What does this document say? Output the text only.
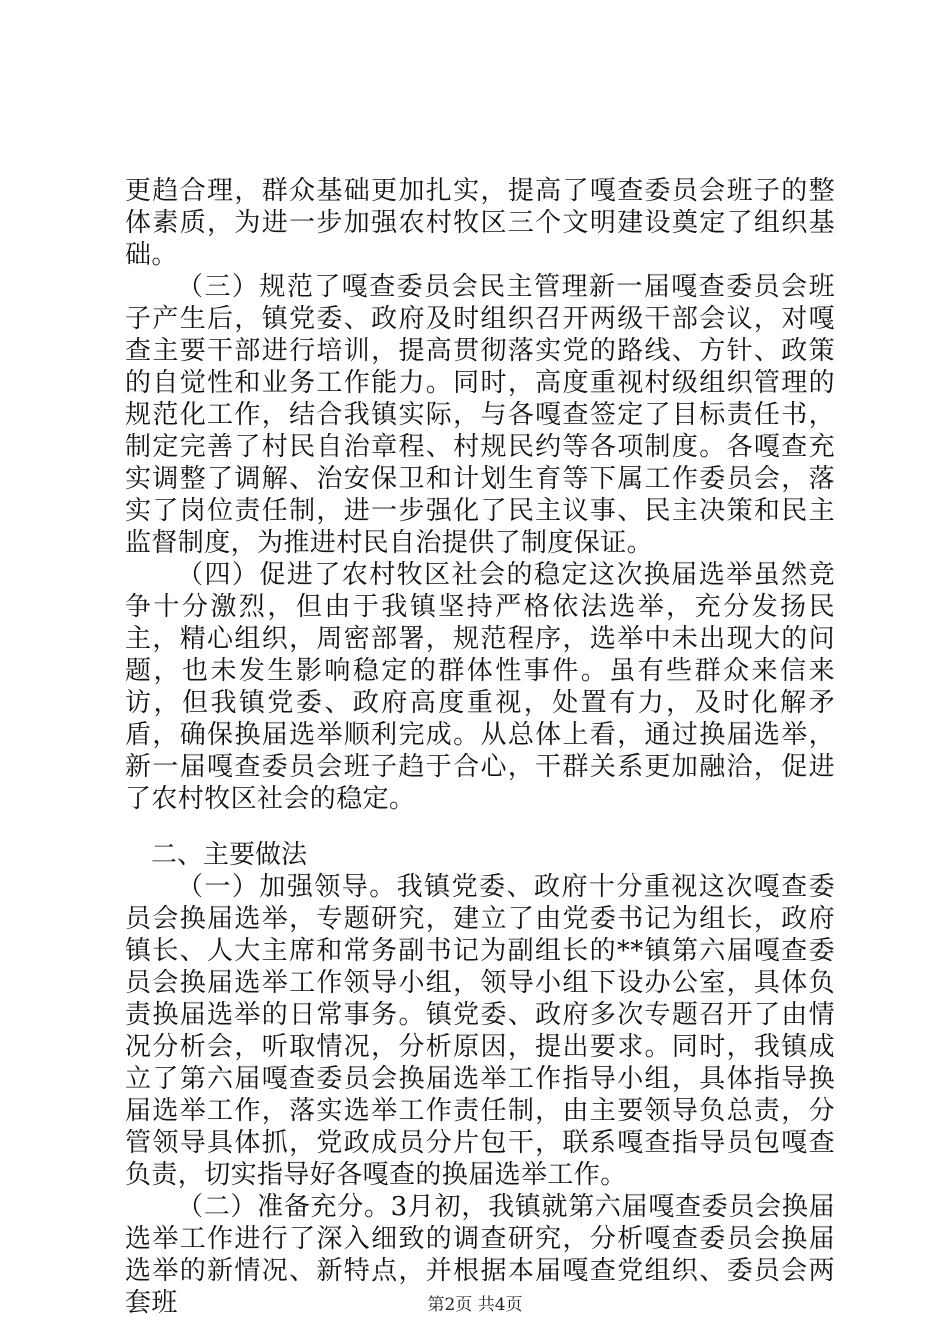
更趋合理，群众基础更加扎实，提高了嘎查委员会班子的整体素质，为进一步加强农村牧区三个文明建设奠定了组织基础。

（三）规范了嘎查委员会民主管理新一届嘎查委员会班子产生后，镇党委、政府及时组织召开两级干部会议，对嘎查主要干部进行培训，提高贯彻落实党的路线、方针、政策的自觉性和业务工作能力。同时，高度重视村级组织管理的规范化工作，结合我镇实际，与各嘎查签定了目标责任书，制定完善了村民自治章程、村规民约等各项制度。各嘎查充实调整了调解、治安保卫和计划生育等下属工作委员会，落实了岗位责任制，进一步强化了民主议事、民主决策和民主监督制度，为推进村民自治提供了制度保证。

（四）促进了农村牧区社会的稳定这次换届选举虽然竞争十分激烈，但由于我镇坚持严格依法选举，充分发扬民主，精心组织，周密部署，规范程序，选举中未出现大的问题，也未发生影响稳定的群体性事件。虽有些群众来信来访，但我镇党委、政府高度重视，处置有力，及时化解矛盾，确保换届选举顺利完成。从总体上看，通过换届选举，新一届嘎查委员会班子趋于合心，干群关系更加融洽，促进了农村牧区社会的稳定。

二、主要做法

（一）加强领导。我镇党委、政府十分重视这次嘎查委员会换届选举，专题研究，建立了由党委书记为组长，政府镇长、人大主席和常务副书记为副组长的**镇第六届嘎查委员会换届选举工作领导小组，领导小组下设办公室，具体负责换届选举的日常事务。镇党委、政府多次专题召开了由情况分析会，听取情况，分析原因，提出要求。同时，我镇成立了第六届嘎查委员会换届选举工作指导小组，具体指导换届选举工作，落实选举工作责任制，由主要领导负总责，分管领导具体抓，党政成员分片包干，联系嘎查指导员包嘎查负责，切实指导好各嘎查的换届选举工作。

（二）准备充分。3月初，我镇就第六届嘎查委员会换届选举工作进行了深入细致的调查研究，分析嘎查委员会换届选举的新情况、新特点，并根据本届嘎查党组织、委员会两套班	第2页 共4页
